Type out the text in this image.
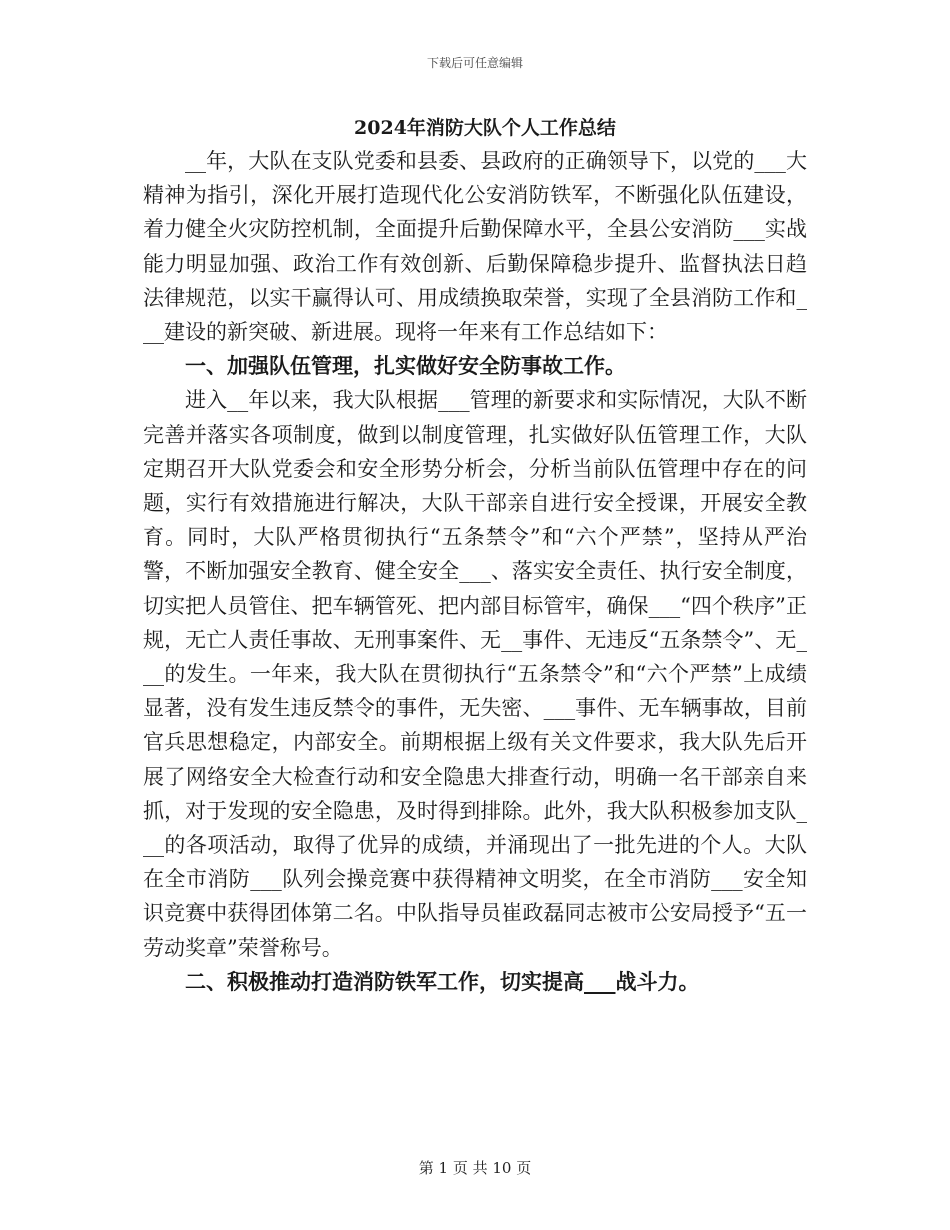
下载后可任意编辑
2024年消防大队个人工作总结

__年，大队在支队党委和县委、县政府的正确领导下，以党的___大精神为指引，深化开展打造现代化公安消防铁军，不断强化队伍建设，着力健全火灾防控机制，全面提升后勤保障水平，全县公安消防___实战能力明显加强、政治工作有效创新、后勤保障稳步提升、监督执法日趋法律规范，以实干赢得认可、用成绩换取荣誉，实现了全县消防工作和___建设的新突破、新进展。现将一年来有工作总结如下：

一、加强队伍管理，扎实做好安全防事故工作。

进入__年以来，我大队根据___管理的新要求和实际情况，大队不断完善并落实各项制度，做到以制度管理，扎实做好队伍管理工作，大队定期召开大队党委会和安全形势分析会，分析当前队伍管理中存在的问题，实行有效措施进行解决，大队干部亲自进行安全授课，开展安全教育。同时，大队严格贯彻执行“五条禁令”和“六个严禁”，坚持从严治警，不断加强安全教育、健全安全___、落实安全责任、执行安全制度，切实把人员管住、把车辆管死、把内部目标管牢，确保___“四个秩序”正规，无亡人责任事故、无刑事案件、无__事件、无违反“五条禁令”、无___的发生。一年来，我大队在贯彻执行“五条禁令”和“六个严禁”上成绩显著，没有发生违反禁令的事件，无失密、___事件、无车辆事故，目前官兵思想稳定，内部安全。前期根据上级有关文件要求，我大队先后开展了网络安全大检查行动和安全隐患大排查行动，明确一名干部亲自来抓，对于发现的安全隐患，及时得到排除。此外，我大队积极参加支队___的各项活动，取得了优异的成绩，并涌现出了一批先进的个人。大队在全市消防___队列会操竞赛中获得精神文明奖，在全市消防___安全知识竞赛中获得团体第二名。中队指导员崔政磊同志被市公安局授予“五一劳动奖章”荣誉称号。

二、积极推动打造消防铁军工作，切实提高___战斗力。

第 1 页 共 10 页
